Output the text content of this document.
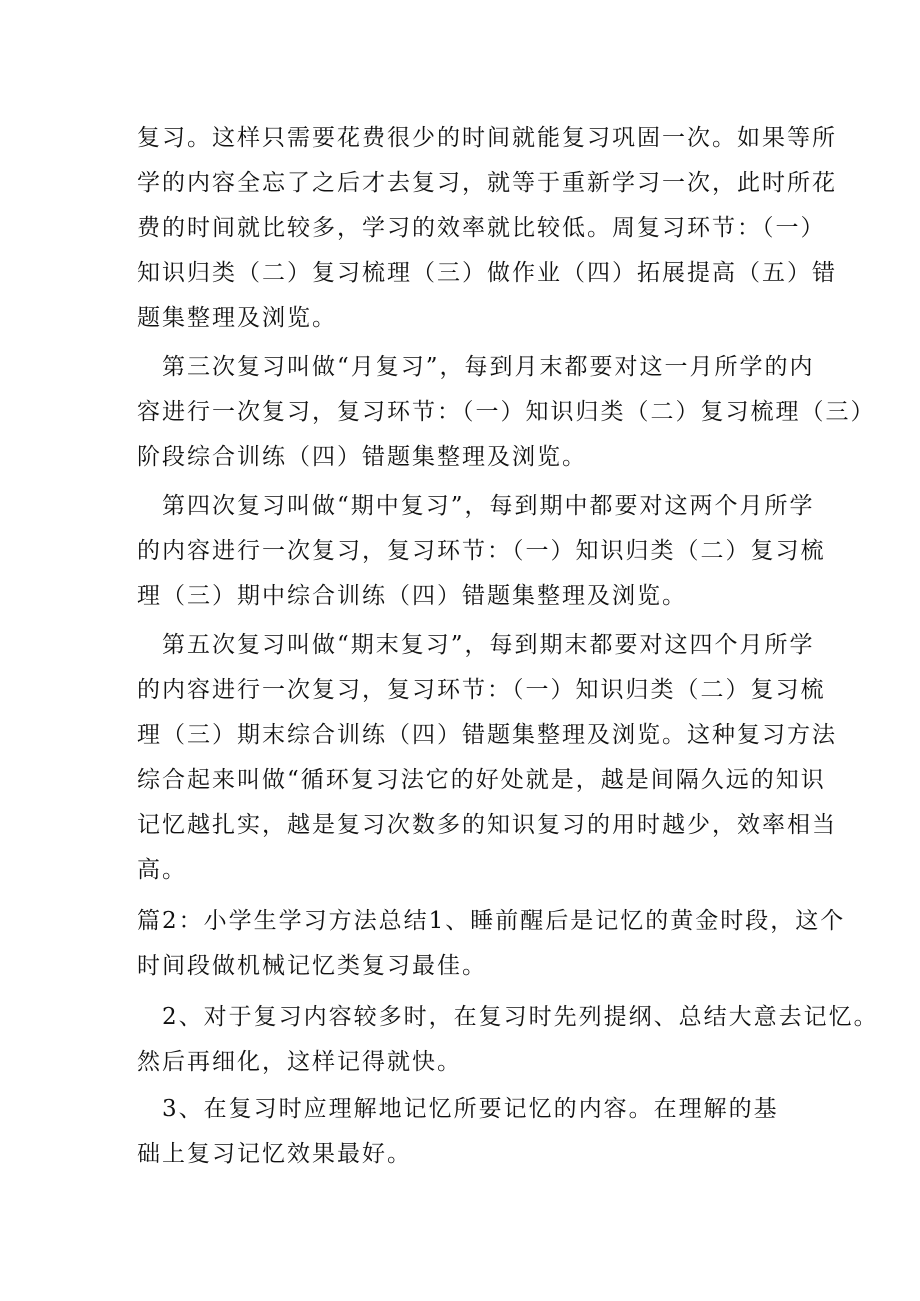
复习。这样只需要花费很少的时间就能复习巩固一次。如果等所
学的内容全忘了之后才去复习，就等于重新学习一次，此时所花
费的时间就比较多，学习的效率就比较低。周复习环节：（一）
知识归类（二）复习梳理（三）做作业（四）拓展提高（五）错
题集整理及浏览。
第三次复习叫做“月复习”，每到月末都要对这一月所学的内
容进行一次复习，复习环节：（一）知识归类（二）复习梳理（三）
阶段综合训练（四）错题集整理及浏览。
第四次复习叫做“期中复习”，每到期中都要对这两个月所学
的内容进行一次复习，复习环节：（一）知识归类（二）复习梳
理（三）期中综合训练（四）错题集整理及浏览。
第五次复习叫做“期末复习”，每到期末都要对这四个月所学
的内容进行一次复习，复习环节：（一）知识归类（二）复习梳
理（三）期末综合训练（四）错题集整理及浏览。这种复习方法
综合起来叫做“循环复习法它的好处就是，越是间隔久远的知识
记忆越扎实，越是复习次数多的知识复习的用时越少，效率相当
高。
篇2：小学生学习方法总结1、睡前醒后是记忆的黄金时段，这个
时间段做机械记忆类复习最佳。
2、对于复习内容较多时，在复习时先列提纲、总结大意去记忆。
然后再细化，这样记得就快。
3、在复习时应理解地记忆所要记忆的内容。在理解的基
础上复习记忆效果最好。
